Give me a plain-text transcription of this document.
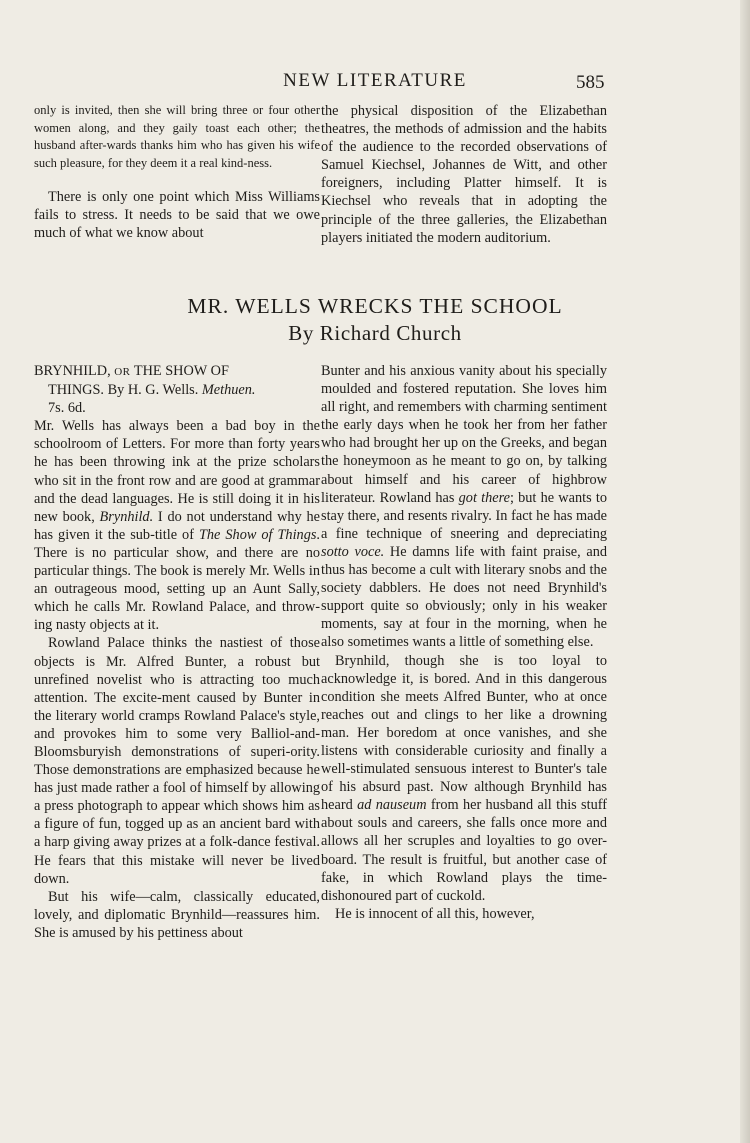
NEW LITERATURE	585

only is invited, then she will bring three or four other women along, and they gaily toast each other; the husband after-wards thanks him who has given his wife such pleasure, for they deem it a real kind-ness.

There is only one point which Miss Williams fails to stress. It needs to be said that we owe much of what we know about

the physical disposition of the Elizabethan theatres, the methods of admission and the habits of the audience to the recorded observations of Samuel Kiechsel, Johannes de Witt, and other foreigners, including Platter himself. It is Kiechsel who reveals that in adopting the principle of the three galleries, the Elizabethan players initiated the modern auditorium.

MR. WELLS WRECKS THE SCHOOL
By Richard Church

BRYNHILD, OR THE SHOW OF
THINGS. By H. G. Wells. Methuen.
7s. 6d.

Mr. Wells has always been a bad boy in the schoolroom of Letters. For more than forty years he has been throwing ink at the prize scholars who sit in the front row and are good at grammar and the dead languages. He is still doing it in his new book, Brynhild. I do not understand why he has given it the sub-title of The Show of Things. There is no particular show, and there are no particular things. The book is merely Mr. Wells in an outrageous mood, setting up an Aunt Sally, which he calls Mr. Rowland Palace, and throw-ing nasty objects at it.

Rowland Palace thinks the nastiest of those objects is Mr. Alfred Bunter, a robust but unrefined novelist who is attracting too much attention. The excite-ment caused by Bunter in the literary world cramps Rowland Palace's style, and provokes him to some very Balliol-and-Bloomsburyish demonstrations of superi-ority. Those demonstrations are emphasized because he has just made rather a fool of himself by allowing a press photograph to appear which shows him as a figure of fun, togged up as an ancient bard with a harp giving away prizes at a folk-dance festival. He fears that this mistake will never be lived down.

But his wife—calm, classically educated, lovely, and diplomatic Brynhild—reassures him. She is amused by his pettiness about

Bunter and his anxious vanity about his specially moulded and fostered reputation. She loves him all right, and remembers with charming sentiment the early days when he took her from her father who had brought her up on the Greeks, and began the honeymoon as he meant to go on, by talking about himself and his career of highbrow literateur. Rowland has got there; but he wants to stay there, and resents rivalry. In fact he has made a fine technique of sneering and depreciating sotto voce. He damns life with faint praise, and thus has become a cult with literary snobs and the society dabblers. He does not need Brynhild's support quite so obviously; only in his weaker moments, say at four in the morning, when he also sometimes wants a little of something else.

Brynhild, though she is too loyal to acknowledge it, is bored. And in this dangerous condition she meets Alfred Bunter, who at once reaches out and clings to her like a drowning man. Her boredom at once vanishes, and she listens with considerable curiosity and finally a well-stimulated sensuous interest to Bunter's tale of his absurd past. Now although Brynhild has heard ad nauseum from her husband all this stuff about souls and careers, she falls once more and allows all her scruples and loyalties to go over-board. The result is fruitful, but another case of fake, in which Rowland plays the time-dishonoured part of cuckold.

He is innocent of all this, however,
